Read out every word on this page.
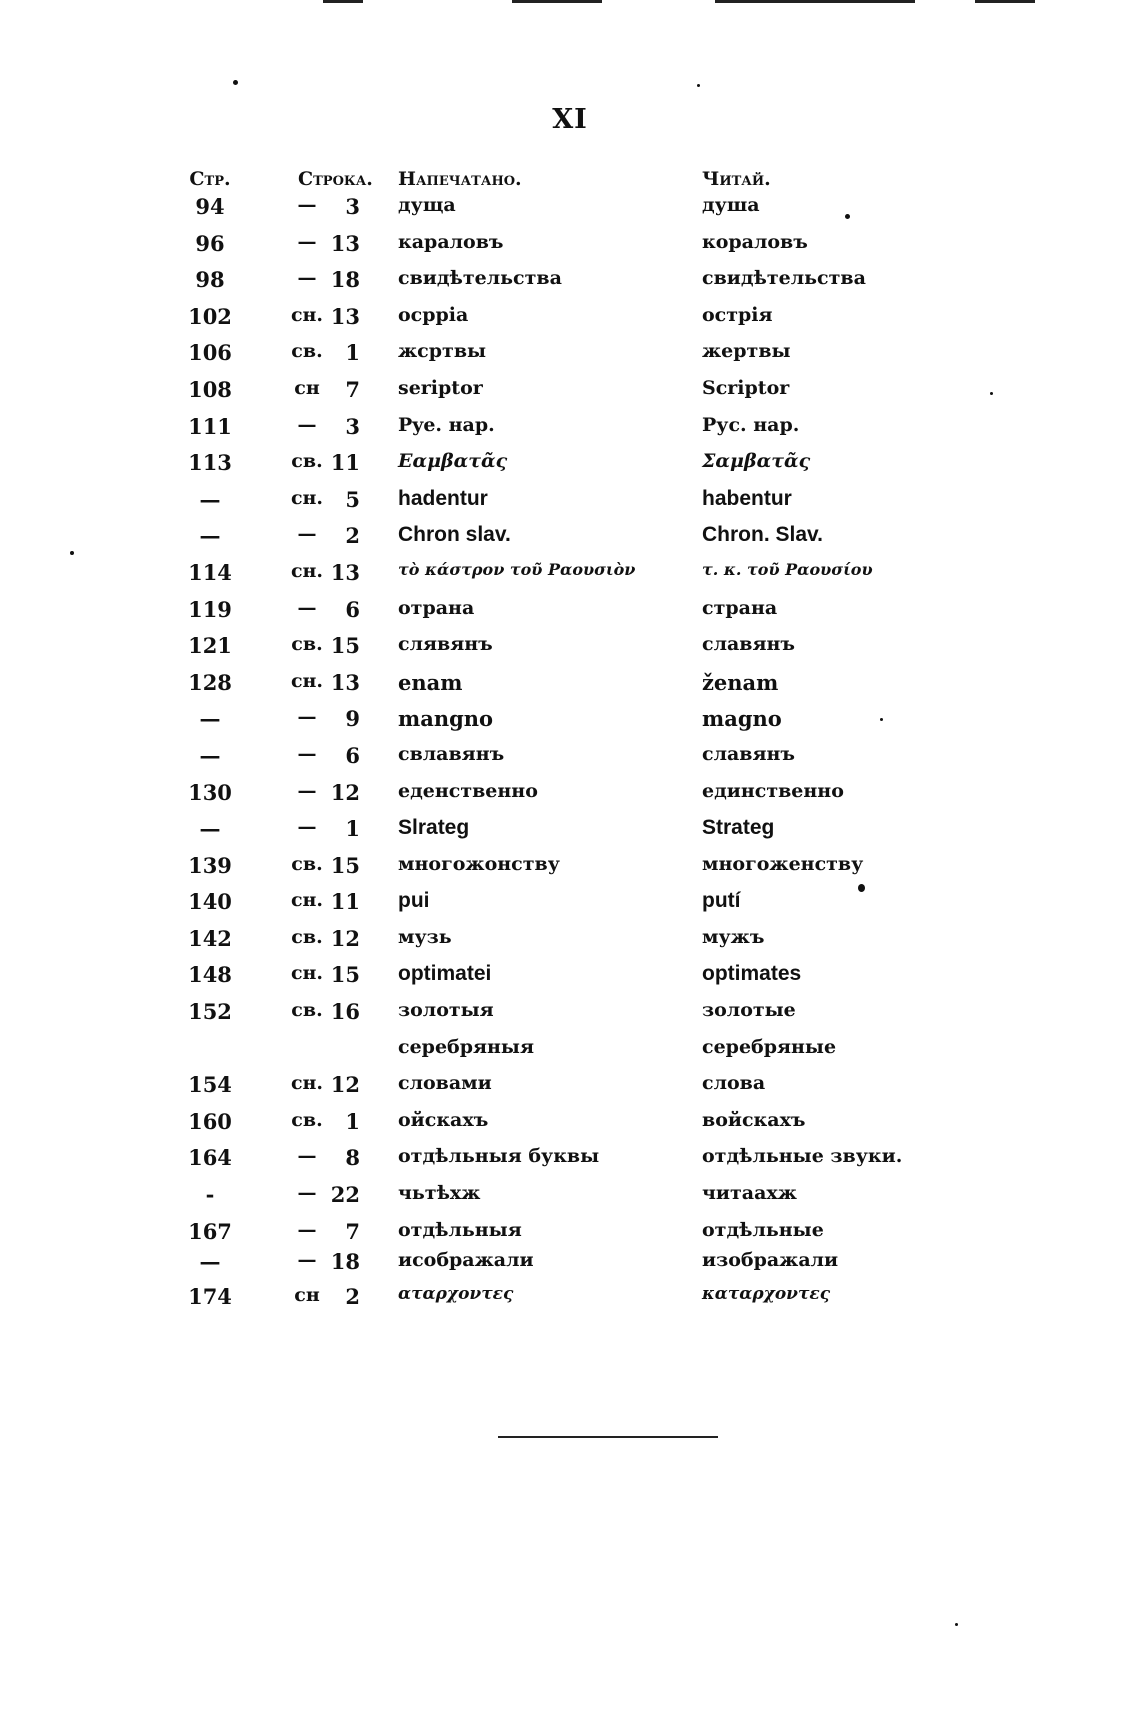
XI
Стр.	Строка. Напечатано.	Читай.
94	—	3 дуща	душа
96	— 13 караловъ	кораловъ
98	— 18 свидѣтельства	свидѣтельства
102	сн. 13 осрріа	острія
106	св.	1 жсртвы	жертвы
108	сн	7 seriptor	Scriptor
111	—	3 Рye. нар.	Рус. нар.
113	св. 11 Εαμβατᾶς	Σαμβατᾶς
—	сн.	5 hadentur	habentur
—	—	2 Chron slav.	Chron. Slav.
114	сн. 13 τὸ κάστρον τοῦ Ραουσιὸν	τ. κ. τοῦ Ραουσίου
119	—	6 отрана	страна
121	св. 15 слявянъ	славянъ
128	сн. 13 enam	ženam
—	—	9 mangno	magno
—	—	6 свлавянъ	славянъ
130	— 12 еденственно	единственно
—	—	1 Slrateg	Strateg
139	св. 15 многожонству	многоженству
140	сн. 11 pui	putí
142	св. 12 музь	мужъ
148	сн. 15 optimatei	optimates
152	св. 16 золотыя	золотые
серебряныя	серебряные
154	сн. 12 словами	слова
160	св.	1 ойскахъ	войскахъ
164	—	8 отдѣльныя буквы	отдѣльные звуки.
-	— 22 чьтѣхж	читаахж
167	—	7 отдѣльныя	отдѣльные
—	— 18 исображали	изображали
174	сн	2 αταρχοντες	καταρχοντες
